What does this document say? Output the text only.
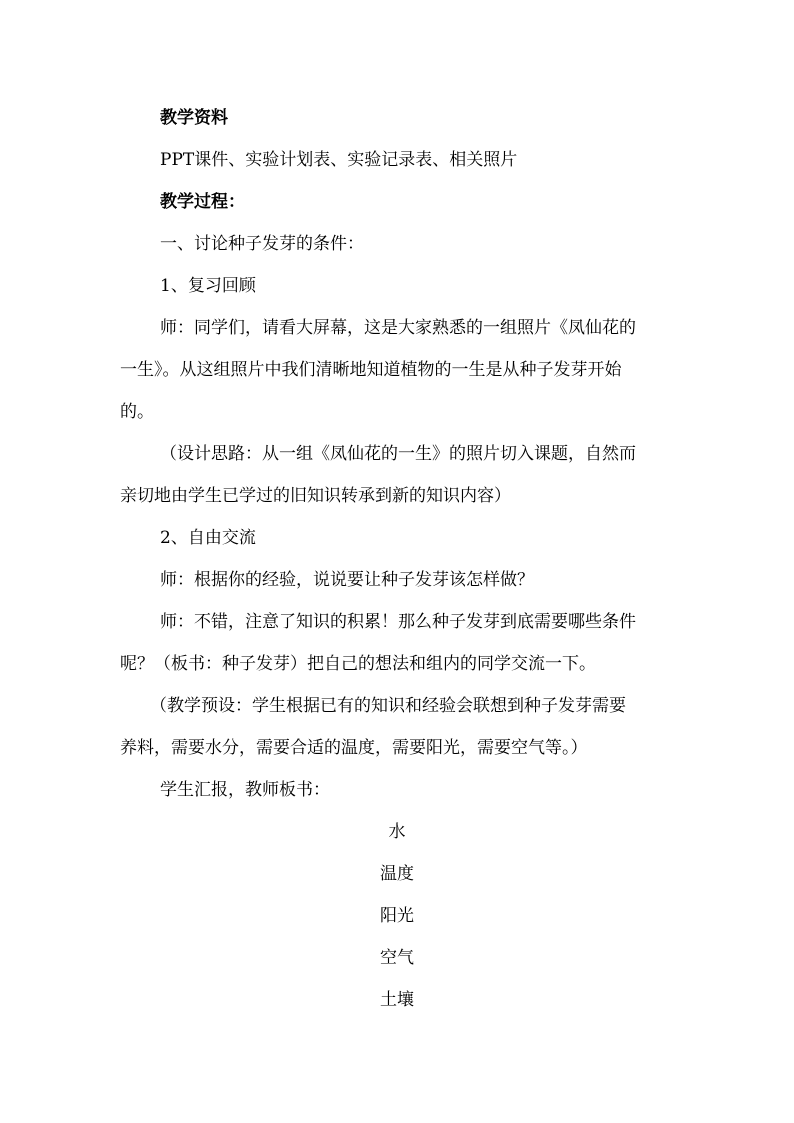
教学资料
PPT课件、实验计划表、实验记录表、相关照片
教学过程：
一、讨论种子发芽的条件：
1、复习回顾
师：同学们，请看大屏幕，这是大家熟悉的一组照片《凤仙花的
一生》。从这组照片中我们清晰地知道植物的一生是从种子发芽开始
的。
（设计思路：从一组《凤仙花的一生》的照片切入课题，自然而
亲切地由学生已学过的旧知识转承到新的知识内容）
2、自由交流
师：根据你的经验，说说要让种子发芽该怎样做？
师：不错，注意了知识的积累！那么种子发芽到底需要哪些条件
呢？（板书：种子发芽）把自己的想法和组内的同学交流一下。
（教学预设：学生根据已有的知识和经验会联想到种子发芽需要
养料，需要水分，需要合适的温度，需要阳光，需要空气等。）
学生汇报，教师板书：
水
温度
阳光
空气
土壤
